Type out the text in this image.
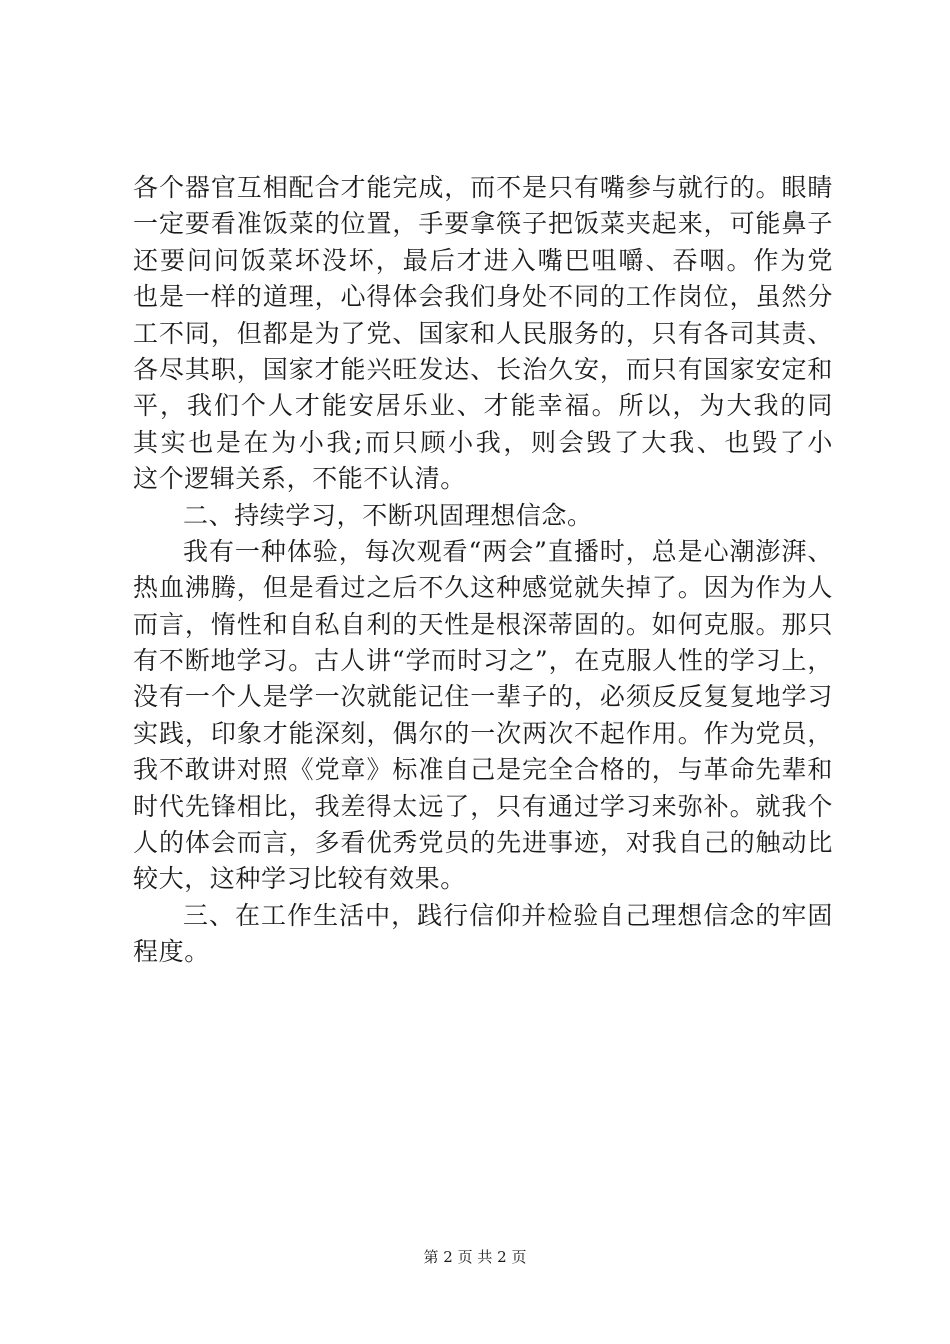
各个器官互相配合才能完成，而不是只有嘴参与就行的。眼睛
一定要看准饭菜的位置，手要拿筷子把饭菜夹起来，可能鼻子
还要问问饭菜坏没坏，最后才进入嘴巴咀嚼、吞咽。作为党
也是一样的道理，心得体会我们身处不同的工作岗位，虽然分
工不同，但都是为了党、国家和人民服务的，只有各司其责、
各尽其职，国家才能兴旺发达、长治久安，而只有国家安定和
平，我们个人才能安居乐业、才能幸福。所以，为大我的同
其实也是在为小我;而只顾小我，则会毁了大我、也毁了小
这个逻辑关系，不能不认清。
二、持续学习，不断巩固理想信念。
我有一种体验，每次观看“两会”直播时，总是心潮澎湃、
热血沸腾，但是看过之后不久这种感觉就失掉了。因为作为人
而言，惰性和自私自利的天性是根深蒂固的。如何克服。那只
有不断地学习。古人讲“学而时习之”，在克服人性的学习上，
没有一个人是学一次就能记住一辈子的，必须反反复复地学习
实践，印象才能深刻，偶尔的一次两次不起作用。作为党员，
我不敢讲对照《党章》标准自己是完全合格的，与革命先辈和
时代先锋相比，我差得太远了，只有通过学习来弥补。就我个
人的体会而言，多看优秀党员的先进事迹，对我自己的触动比
较大，这种学习比较有效果。
三、在工作生活中，践行信仰并检验自己理想信念的牢固
程度。
第 2 页 共 2 页
